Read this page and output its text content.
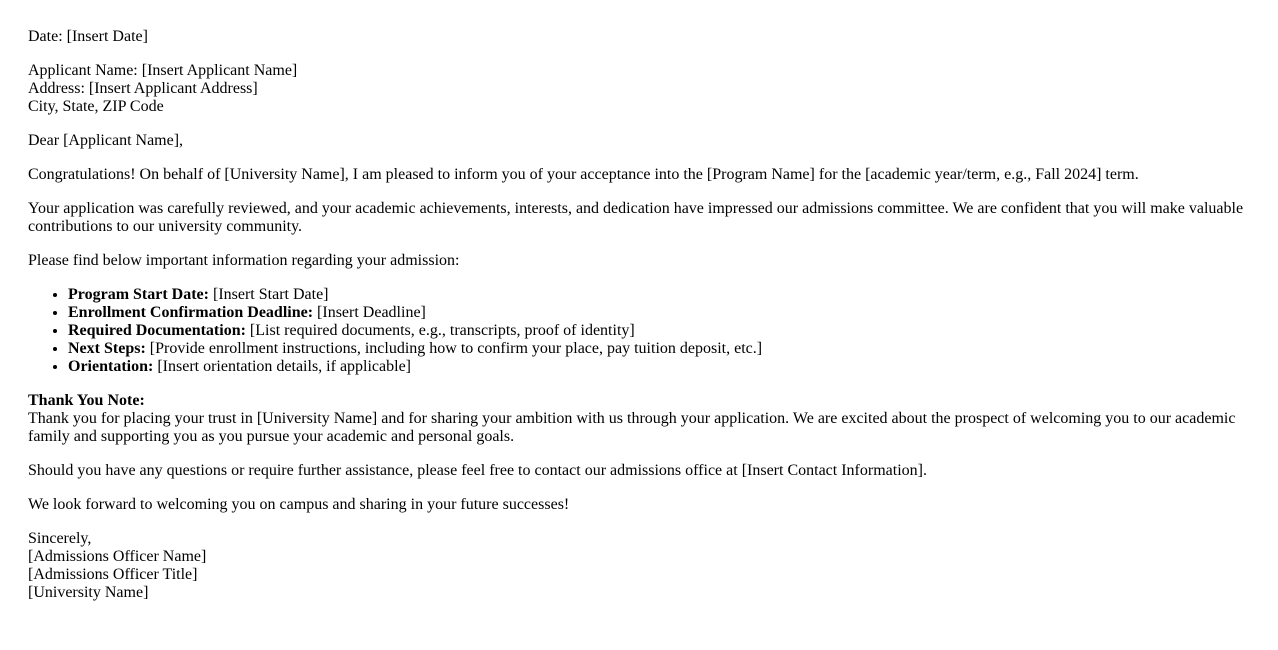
Date: [Insert Date]

Applicant Name: [Insert Applicant Name]
Address: [Insert Applicant Address]
City, State, ZIP Code

Dear [Applicant Name],

Congratulations! On behalf of [University Name], I am pleased to inform you of your acceptance into the [Program Name] for the [academic year/term, e.g., Fall 2024] term.

Your application was carefully reviewed, and your academic achievements, interests, and dedication have impressed our admissions committee. We are confident that you will make valuable contributions to our university community.

Please find below important information regarding your admission:

• Program Start Date: [Insert Start Date]
• Enrollment Confirmation Deadline: [Insert Deadline]
• Required Documentation: [List required documents, e.g., transcripts, proof of identity]
• Next Steps: [Provide enrollment instructions, including how to confirm your place, pay tuition deposit, etc.]
• Orientation: [Insert orientation details, if applicable]

Thank You Note:
Thank you for placing your trust in [University Name] and for sharing your ambition with us through your application. We are excited about the prospect of welcoming you to our academic family and supporting you as you pursue your academic and personal goals.

Should you have any questions or require further assistance, please feel free to contact our admissions office at [Insert Contact Information].

We look forward to welcoming you on campus and sharing in your future successes!

Sincerely,
[Admissions Officer Name]
[Admissions Officer Title]
[University Name]
